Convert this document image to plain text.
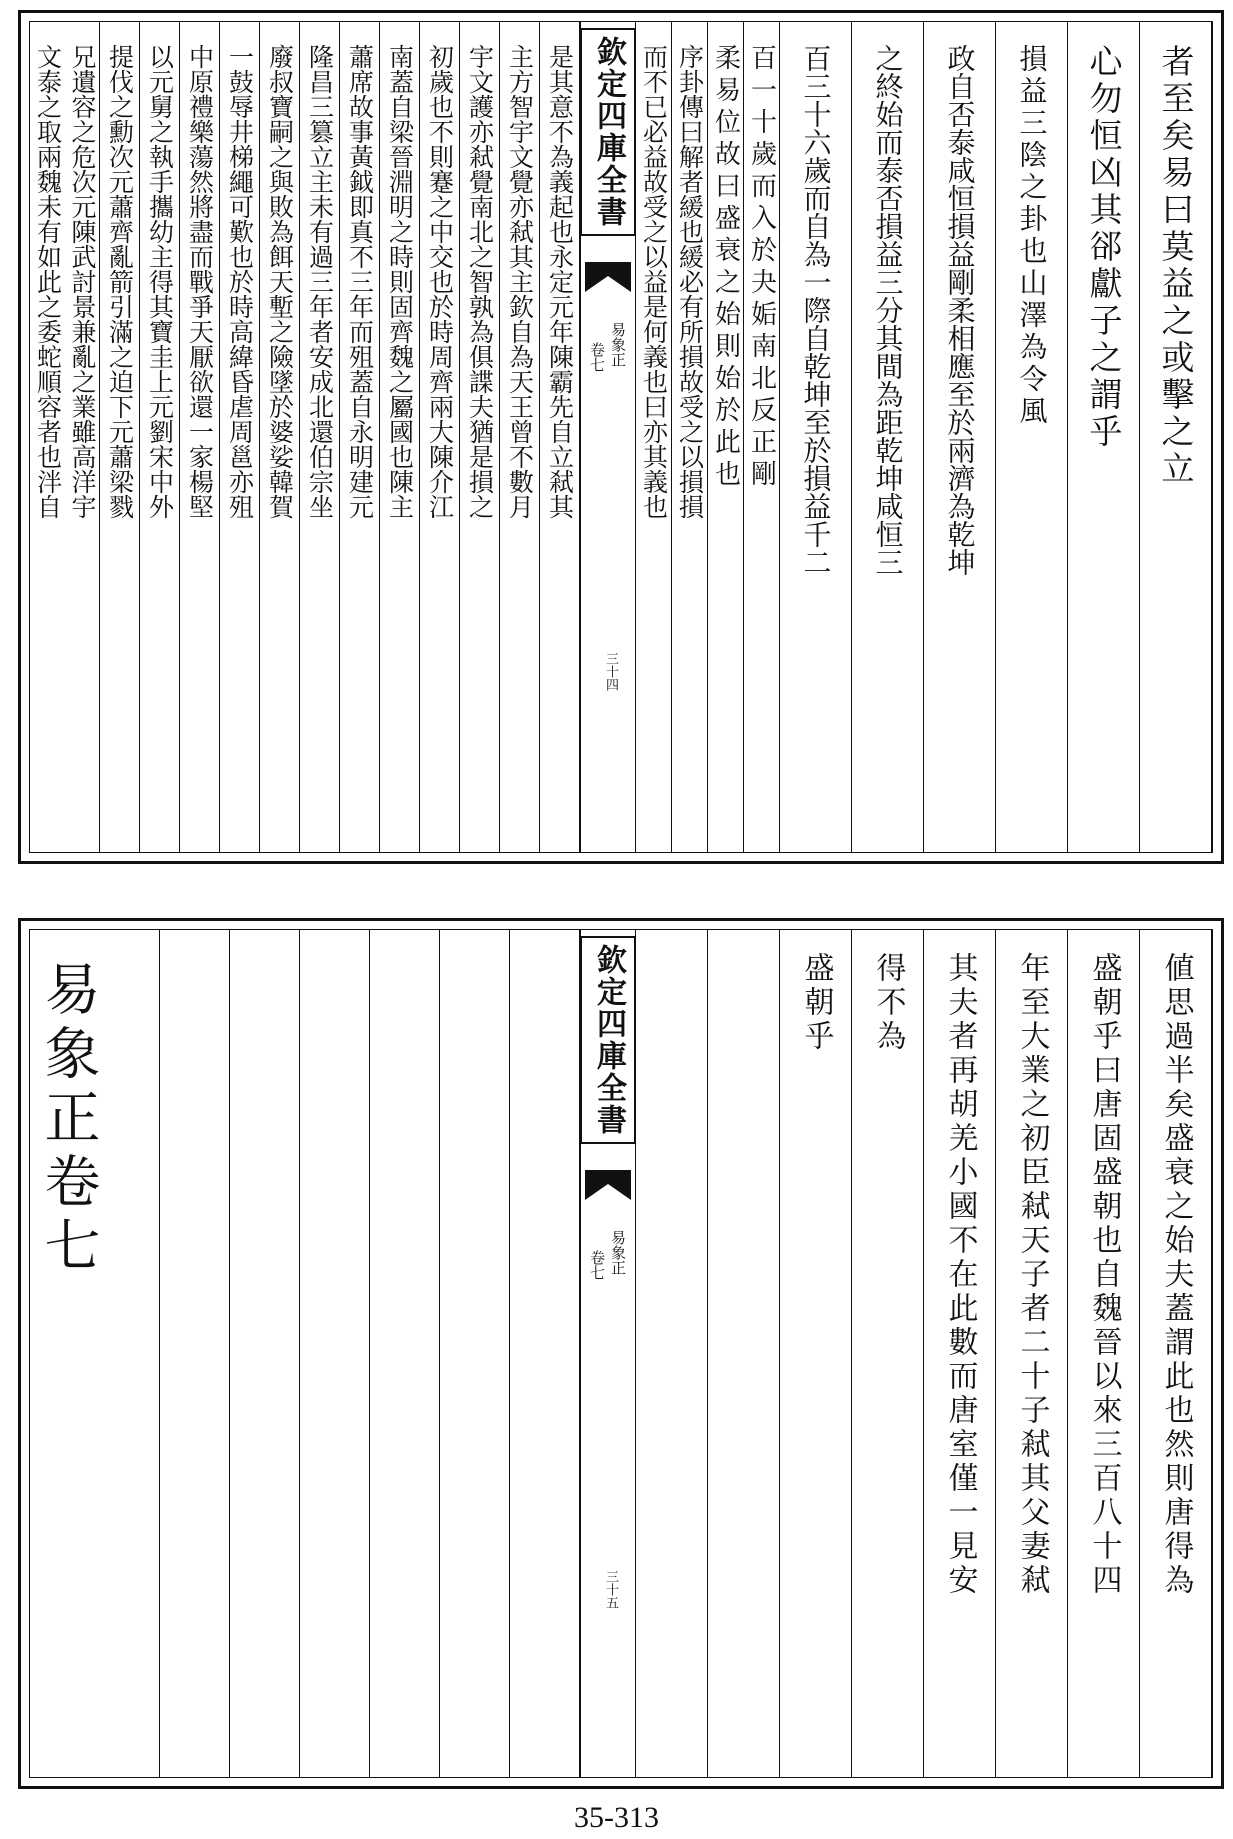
者至矣易曰莫益之或擊之立
心勿恒凶其郤獻子之謂乎
損益三陰之卦也山澤為令風
政自否泰咸恒損益剛柔相應至於兩濟為乾坤
之終始而泰否損益三分其間為距乾坤咸恒三
百三十六歲而自為一際自乾坤至於損益千二
百一十歲而入於夬姤南北反正剛
柔易位故曰盛衰之始則始於此也
序卦傳曰解者緩也緩必有所損故受之以損損
而不已必益故受之以益是何義也曰亦其義也
欽定四庫全書
易象正
卷七
三十四
是其意不為義起也永定元年陳霸先自立弒其
主方智宇文覺亦弒其主欽自為天王曾不數月
宇文護亦弒覺南北之智孰為俱諜夫猶是損之
初歲也不則蹇之中交也於時周齊兩大陳介江
南蓋自梁晉淵明之時則固齊魏之屬國也陳主
蕭席故事黃鉞即真不三年而殂蓋自永明建元
隆昌三篡立主未有過三年者安成北還伯宗坐
廢叔寶嗣之與敗為餌天塹之險墜於婆娑韓賀
一鼓辱井梯繩可歎也於時高緯昏虐周邕亦殂
中原禮樂蕩然將盡而戰爭天厭欲還一家楊堅
以元舅之執手攜幼主得其寶圭上元劉宋中外
提伐之勳次元蕭齊亂箭引滿之迫下元蕭梁戮
兄遺容之危次元陳武討景兼亂之業雖高洋宇
文泰之取兩魏未有如此之委蛇順容者也泮自
値思過半矣盛衰之始夫蓋謂此也然則唐得為
盛朝乎曰唐固盛朝也自魏晉以來三百八十四
年至大業之初臣弒天子者二十子弒其父妻弒
其夫者再胡羌小國不在此數而唐室僅一見安
得不為
盛朝乎
欽定四庫全書
易象正
卷七
三十五
易象正卷七
35-313
